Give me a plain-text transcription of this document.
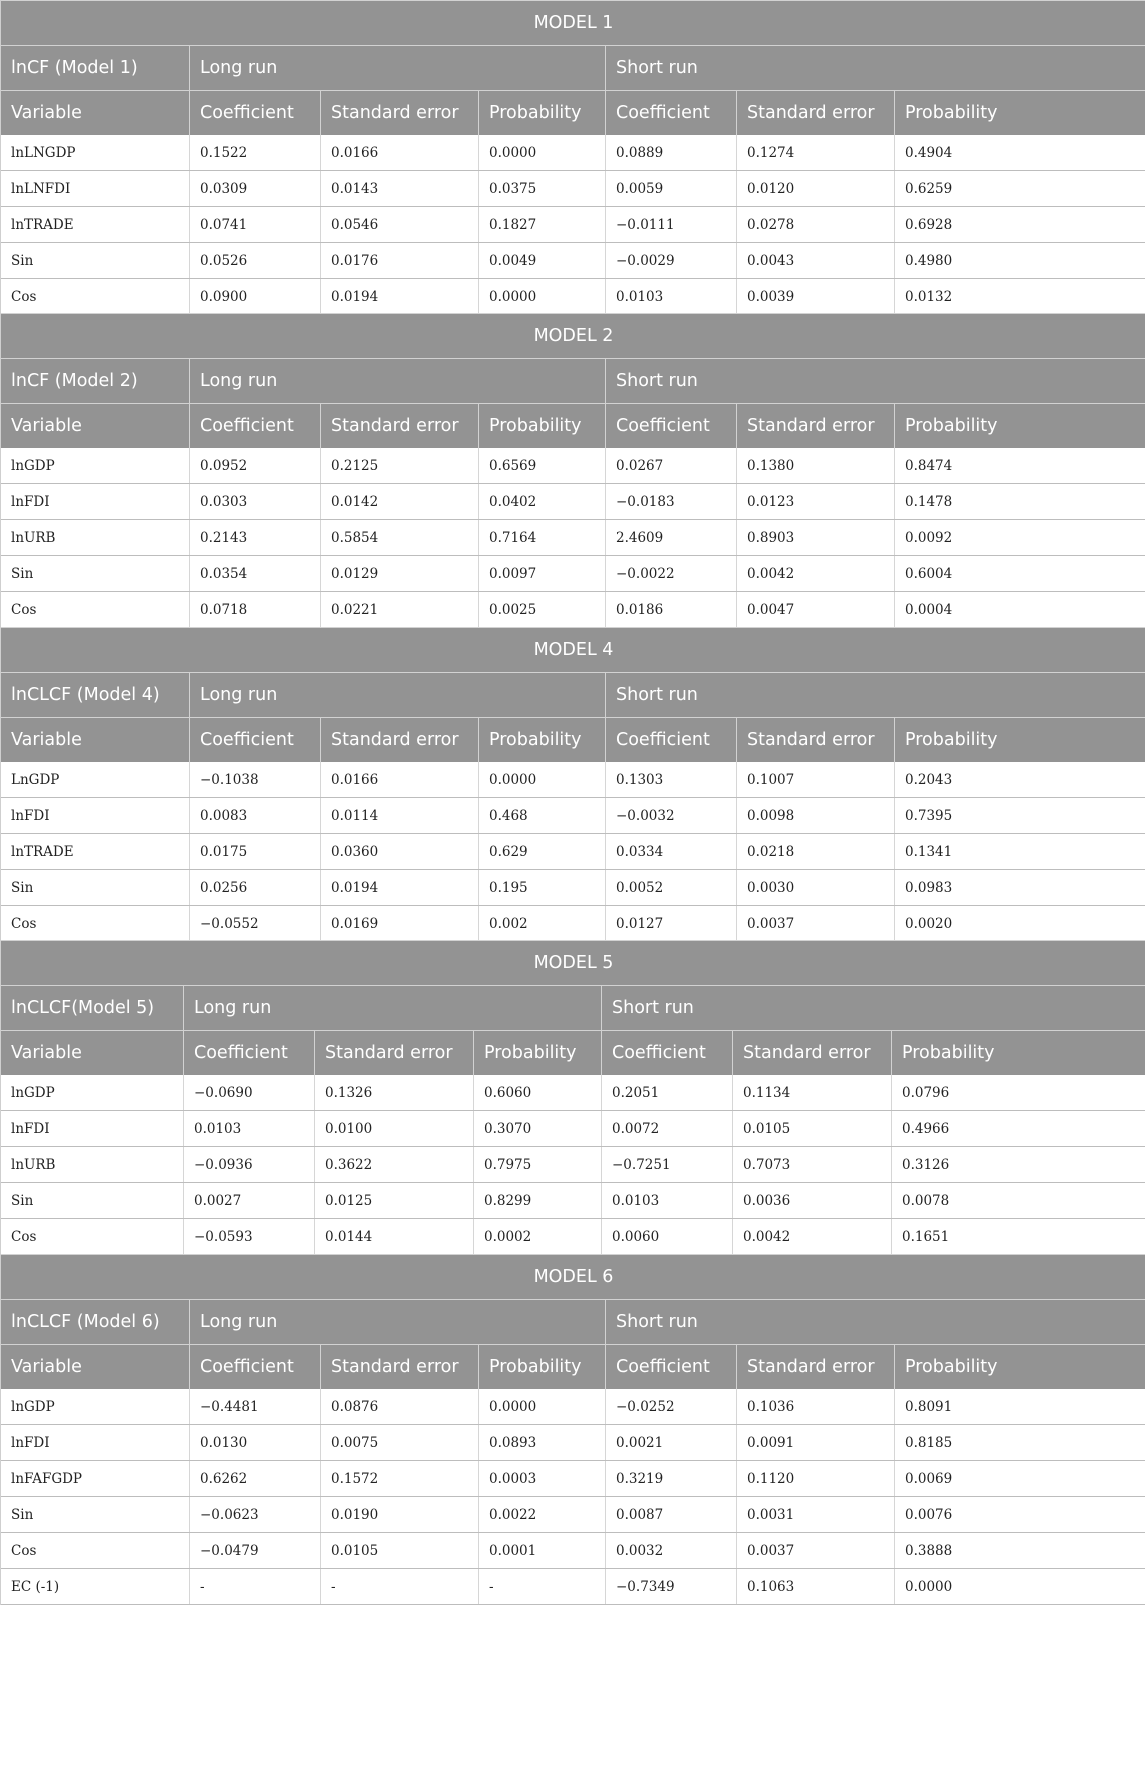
MODEL 1
lnCF (Model 1)	Long run	Short run
Variable	Coefficient	Standard error	Probability	Coefficient	Standard error	Probability
lnLNGDP	0.1522	0.0166	0.0000	0.0889	0.1274	0.4904
lnLNFDI	0.0309	0.0143	0.0375	0.0059	0.0120	0.6259
lnTRADE	0.0741	0.0546	0.1827	−0.0111	0.0278	0.6928
Sin	0.0526	0.0176	0.0049	−0.0029	0.0043	0.4980
Cos	0.0900	0.0194	0.0000	0.0103	0.0039	0.0132
MODEL 2
lnCF (Model 2)	Long run	Short run
Variable	Coefficient	Standard error	Probability	Coefficient	Standard error	Probability
lnGDP	0.0952	0.2125	0.6569	0.0267	0.1380	0.8474
lnFDI	0.0303	0.0142	0.0402	−0.0183	0.0123	0.1478
lnURB	0.2143	0.5854	0.7164	2.4609	0.8903	0.0092
Sin	0.0354	0.0129	0.0097	−0.0022	0.0042	0.6004
Cos	0.0718	0.0221	0.0025	0.0186	0.0047	0.0004
MODEL 4
lnCLCF (Model 4)	Long run	Short run
Variable	Coefficient	Standard error	Probability	Coefficient	Standard error	Probability
LnGDP	−0.1038	0.0166	0.0000	0.1303	0.1007	0.2043
lnFDI	0.0083	0.0114	0.468	−0.0032	0.0098	0.7395
lnTRADE	0.0175	0.0360	0.629	0.0334	0.0218	0.1341
Sin	0.0256	0.0194	0.195	0.0052	0.0030	0.0983
Cos	−0.0552	0.0169	0.002	0.0127	0.0037	0.0020
MODEL 5
lnCLCF(Model 5)	Long run	Short run
Variable	Coefficient	Standard error	Probability	Coefficient	Standard error	Probability
lnGDP	−0.0690	0.1326	0.6060	0.2051	0.1134	0.0796
lnFDI	0.0103	0.0100	0.3070	0.0072	0.0105	0.4966
lnURB	−0.0936	0.3622	0.7975	−0.7251	0.7073	0.3126
Sin	0.0027	0.0125	0.8299	0.0103	0.0036	0.0078
Cos	−0.0593	0.0144	0.0002	0.0060	0.0042	0.1651
MODEL 6
lnCLCF (Model 6)	Long run	Short run
Variable	Coefficient	Standard error	Probability	Coefficient	Standard error	Probability
lnGDP	−0.4481	0.0876	0.0000	−0.0252	0.1036	0.8091
lnFDI	0.0130	0.0075	0.0893	0.0021	0.0091	0.8185
lnFAFGDP	0.6262	0.1572	0.0003	0.3219	0.1120	0.0069
Sin	−0.0623	0.0190	0.0022	0.0087	0.0031	0.0076
Cos	−0.0479	0.0105	0.0001	0.0032	0.0037	0.3888
EC (-1)	-	-	-	−0.7349	0.1063	0.0000
